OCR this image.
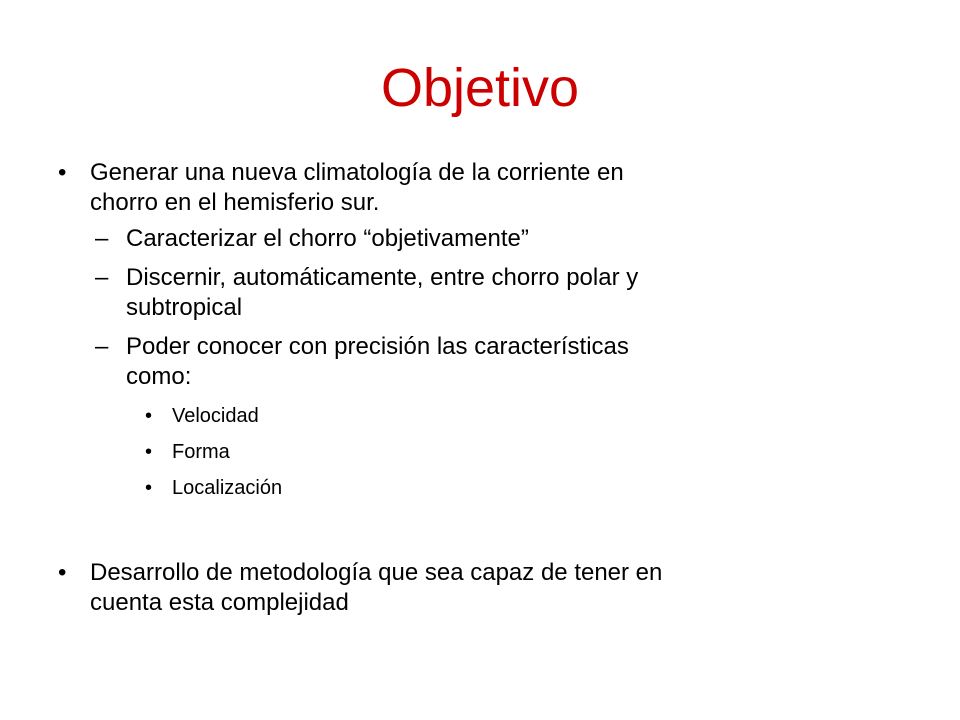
Objetivo
• Generar una nueva climatología de la corriente en
chorro en el hemisferio sur.
– Caracterizar el chorro “objetivamente”
– Discernir, automáticamente, entre chorro polar y
subtropical
– Poder conocer con precisión las características
como:
• Velocidad
• Forma
• Localización
• Desarrollo de metodología que sea capaz de tener en
cuenta esta complejidad
